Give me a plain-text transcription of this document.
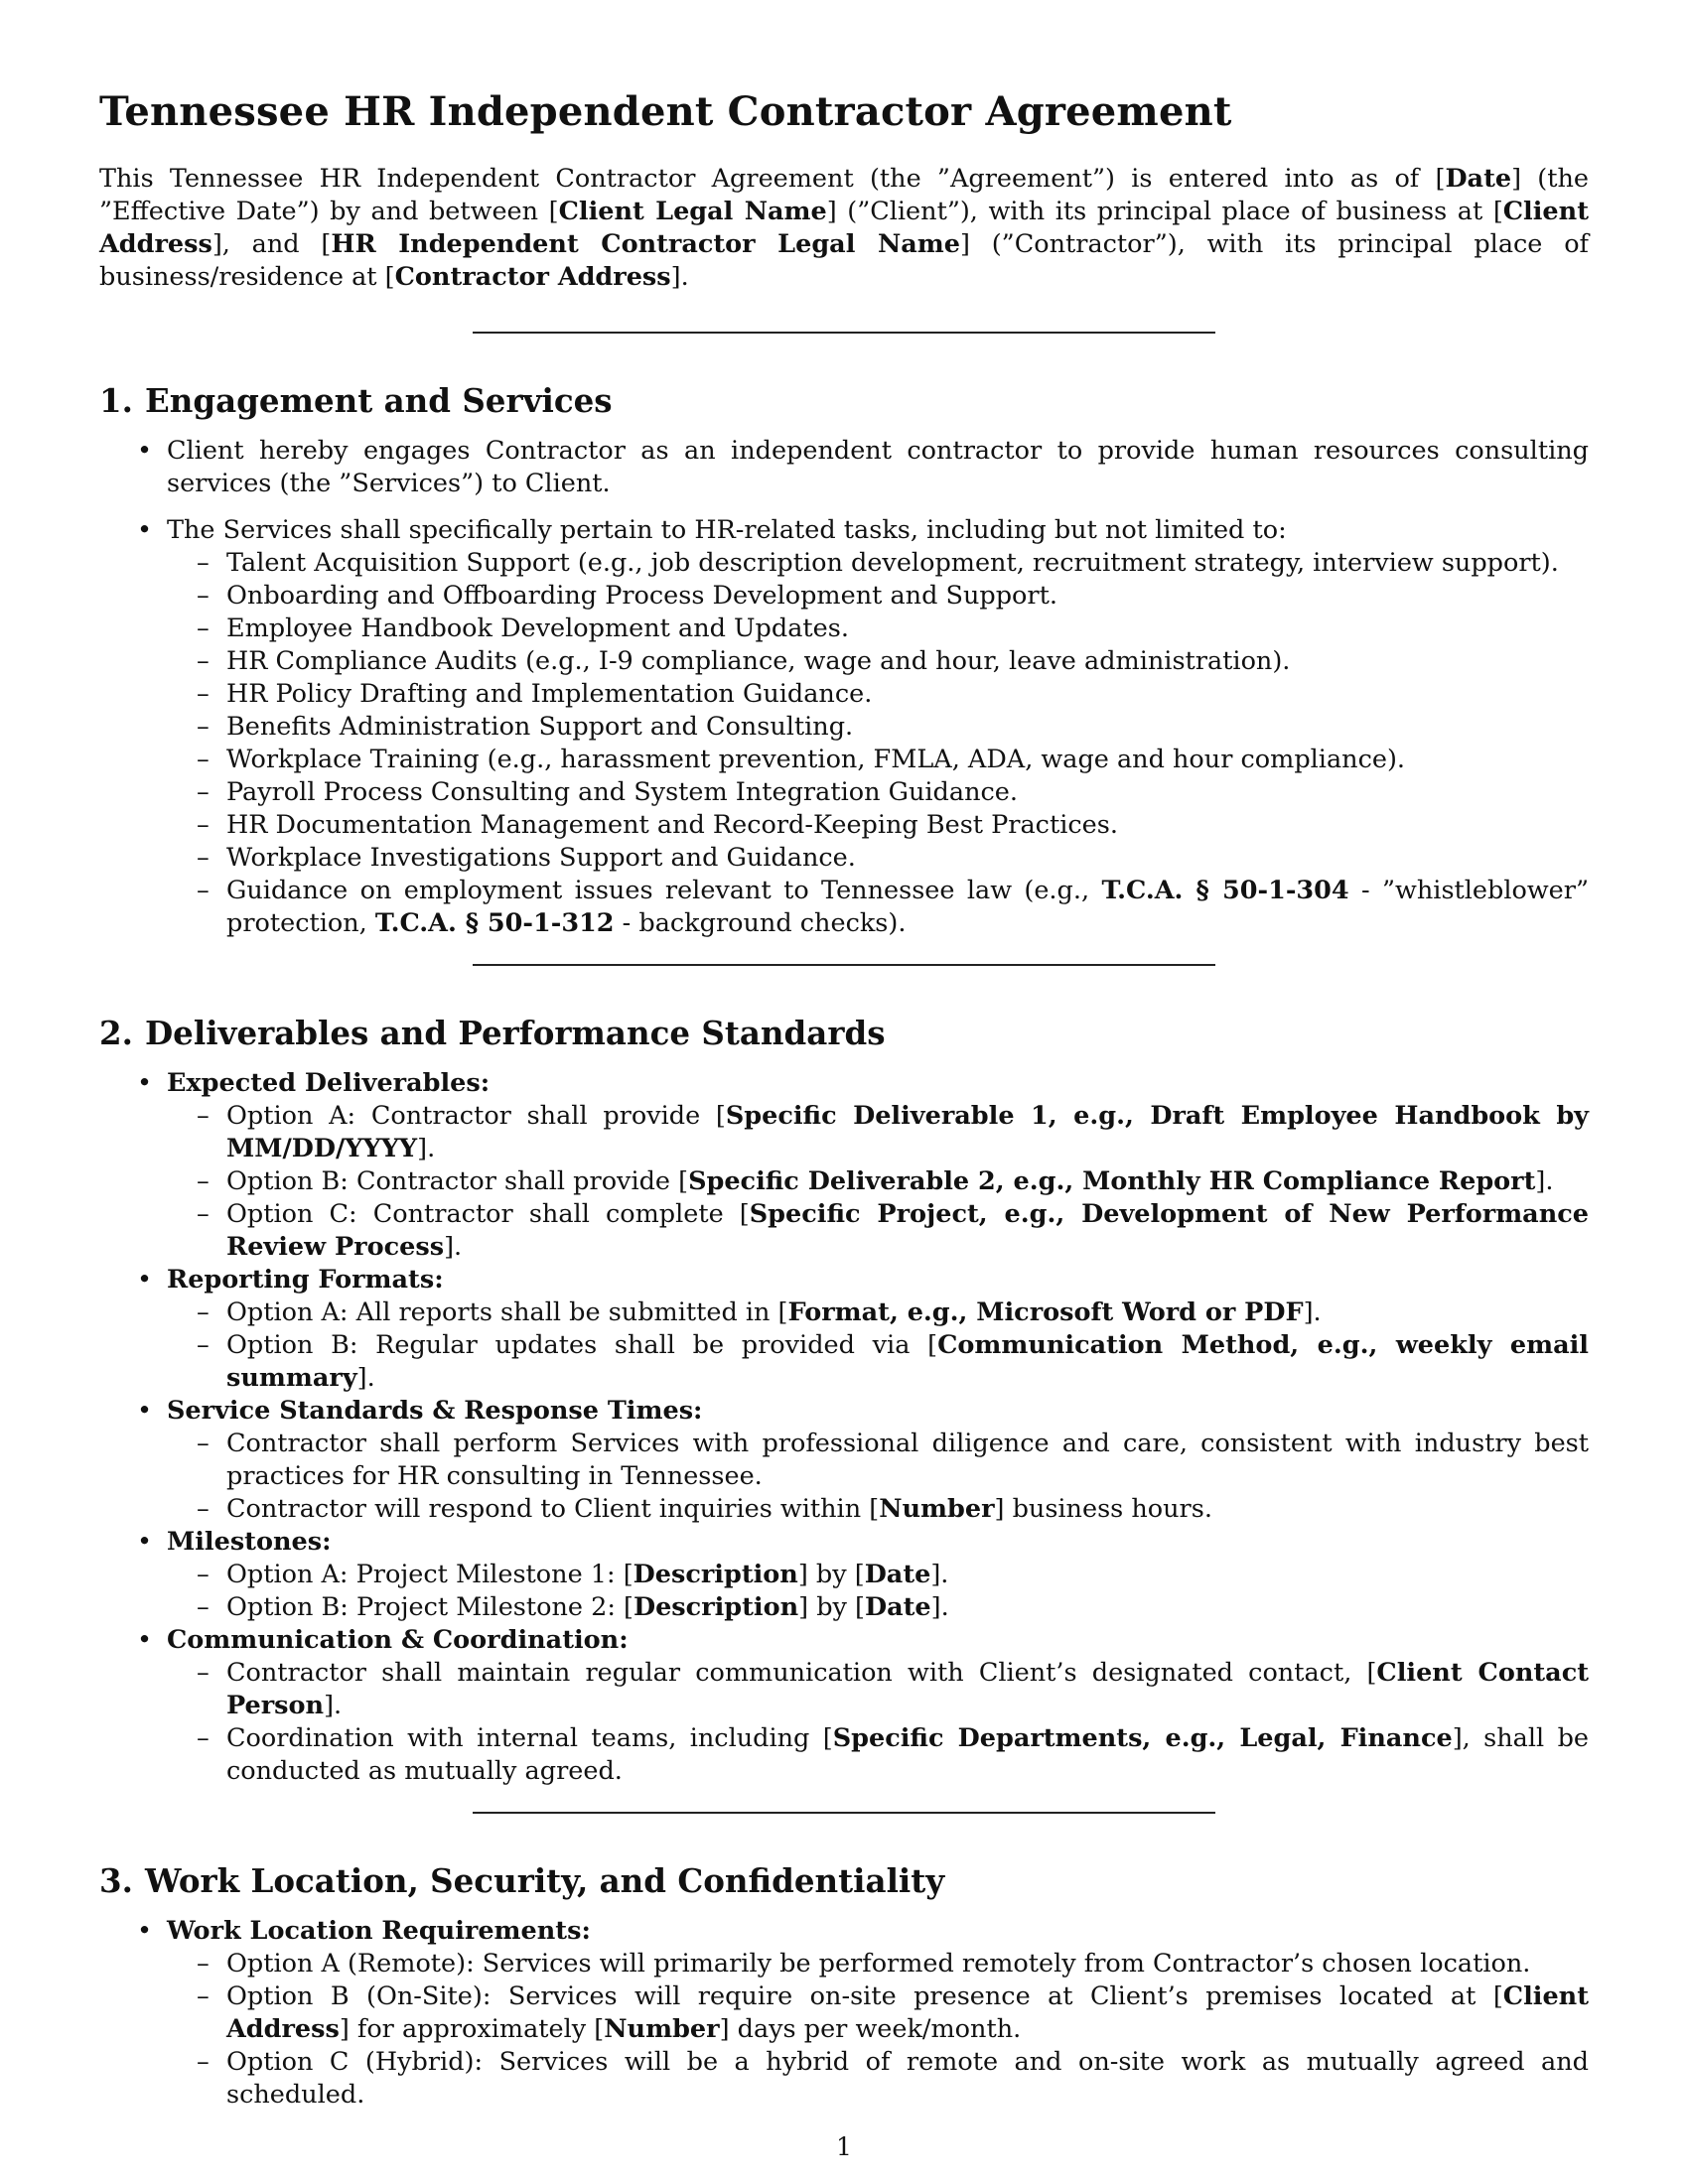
Tennessee HR Independent Contractor Agreement

This Tennessee HR Independent Contractor Agreement (the ”Agreement”) is entered into as of [Date] (the ”Effective Date”) by and between [Client Legal Name] (”Client”), with its principal place of business at [Client Address], and [HR Independent Contractor Legal Name] (”Contractor”), with its principal place of business/residence at [Contractor Address].

1. Engagement and Services
• Client hereby engages Contractor as an independent contractor to provide human resources consulting services (the ”Services”) to Client.
• The Services shall specifically pertain to HR-related tasks, including but not limited to:
– Talent Acquisition Support (e.g., job description development, recruitment strategy, interview support).
– Onboarding and Offboarding Process Development and Support.
– Employee Handbook Development and Updates.
– HR Compliance Audits (e.g., I-9 compliance, wage and hour, leave administration).
– HR Policy Drafting and Implementation Guidance.
– Benefits Administration Support and Consulting.
– Workplace Training (e.g., harassment prevention, FMLA, ADA, wage and hour compliance).
– Payroll Process Consulting and System Integration Guidance.
– HR Documentation Management and Record-Keeping Best Practices.
– Workplace Investigations Support and Guidance.
– Guidance on employment issues relevant to Tennessee law (e.g., T.C.A. § 50-1-304 - ”whistleblower” protection, T.C.A. § 50-1-312 - background checks).
2. Deliverables and Performance Standards
• Expected Deliverables:
– Option A: Contractor shall provide [Specific Deliverable 1, e.g., Draft Employee Handbook by MM/DD/YYYY].
– Option B: Contractor shall provide [Specific Deliverable 2, e.g., Monthly HR Compliance Report].
– Option C: Contractor shall complete [Specific Project, e.g., Development of New Performance Review Process].
• Reporting Formats:
– Option A: All reports shall be submitted in [Format, e.g., Microsoft Word or PDF].
– Option B: Regular updates shall be provided via [Communication Method, e.g., weekly email summary].
• Service Standards & Response Times:
– Contractor shall perform Services with professional diligence and care, consistent with industry best practices for HR consulting in Tennessee.
– Contractor will respond to Client inquiries within [Number] business hours.
• Milestones:
– Option A: Project Milestone 1: [Description] by [Date].
– Option B: Project Milestone 2: [Description] by [Date].
• Communication & Coordination:
– Contractor shall maintain regular communication with Client’s designated contact, [Client Contact Person].
– Coordination with internal teams, including [Specific Departments, e.g., Legal, Finance], shall be conducted as mutually agreed.
3. Work Location, Security, and Confidentiality
• Work Location Requirements:
– Option A (Remote): Services will primarily be performed remotely from Contractor’s chosen location.
– Option B (On-Site): Services will require on-site presence at Client’s premises located at [Client Address] for approximately [Number] days per week/month.
– Option C (Hybrid): Services will be a hybrid of remote and on-site work as mutually agreed and scheduled.
1
